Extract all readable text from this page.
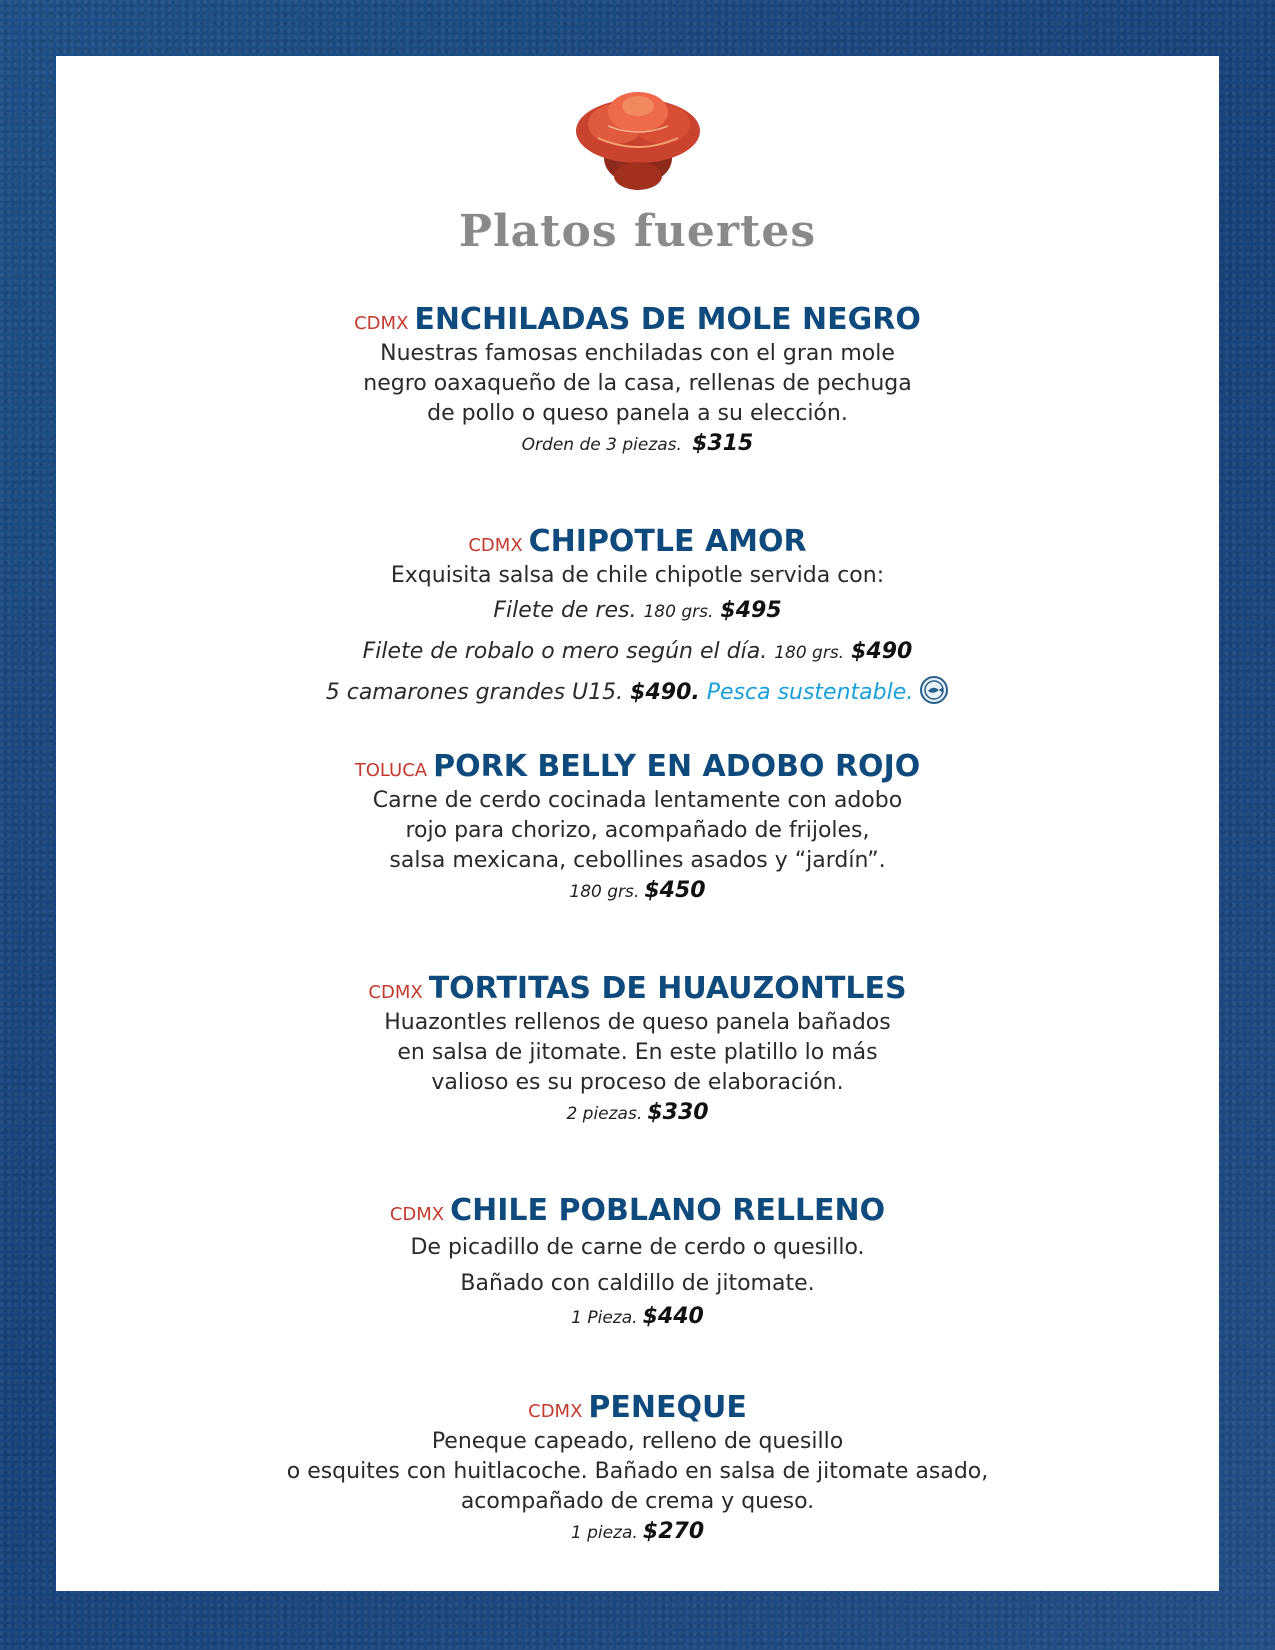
Platos fuertes
CDMX ENCHILADAS DE MOLE NEGRO
Nuestras famosas enchiladas con el gran mole
negro oaxaqueño de la casa, rellenas de pechuga
de pollo o queso panela a su elección.
Orden de 3 piezas. $315
CDMX CHIPOTLE AMOR
Exquisita salsa de chile chipotle servida con:
Filete de res. 180 grs. $495
Filete de robalo o mero según el día. 180 grs. $490
5 camarones grandes U15. $490. Pesca sustentable.
TOLUCA PORK BELLY EN ADOBO ROJO
Carne de cerdo cocinada lentamente con adobo
rojo para chorizo, acompañado de frijoles,
salsa mexicana, cebollines asados y “jardín”.
180 grs. $450
CDMX TORTITAS DE HUAUZONTLES
Huazontles rellenos de queso panela bañados
en salsa de jitomate. En este platillo lo más
valioso es su proceso de elaboración.
2 piezas. $330
CDMX CHILE POBLANO RELLENO
De picadillo de carne de cerdo o quesillo.
Bañado con caldillo de jitomate.
1 Pieza. $440
CDMX PENEQUE
Peneque capeado, relleno de quesillo
o esquites con huitlacoche. Bañado en salsa de jitomate asado,
acompañado de crema y queso.
1 pieza. $270
